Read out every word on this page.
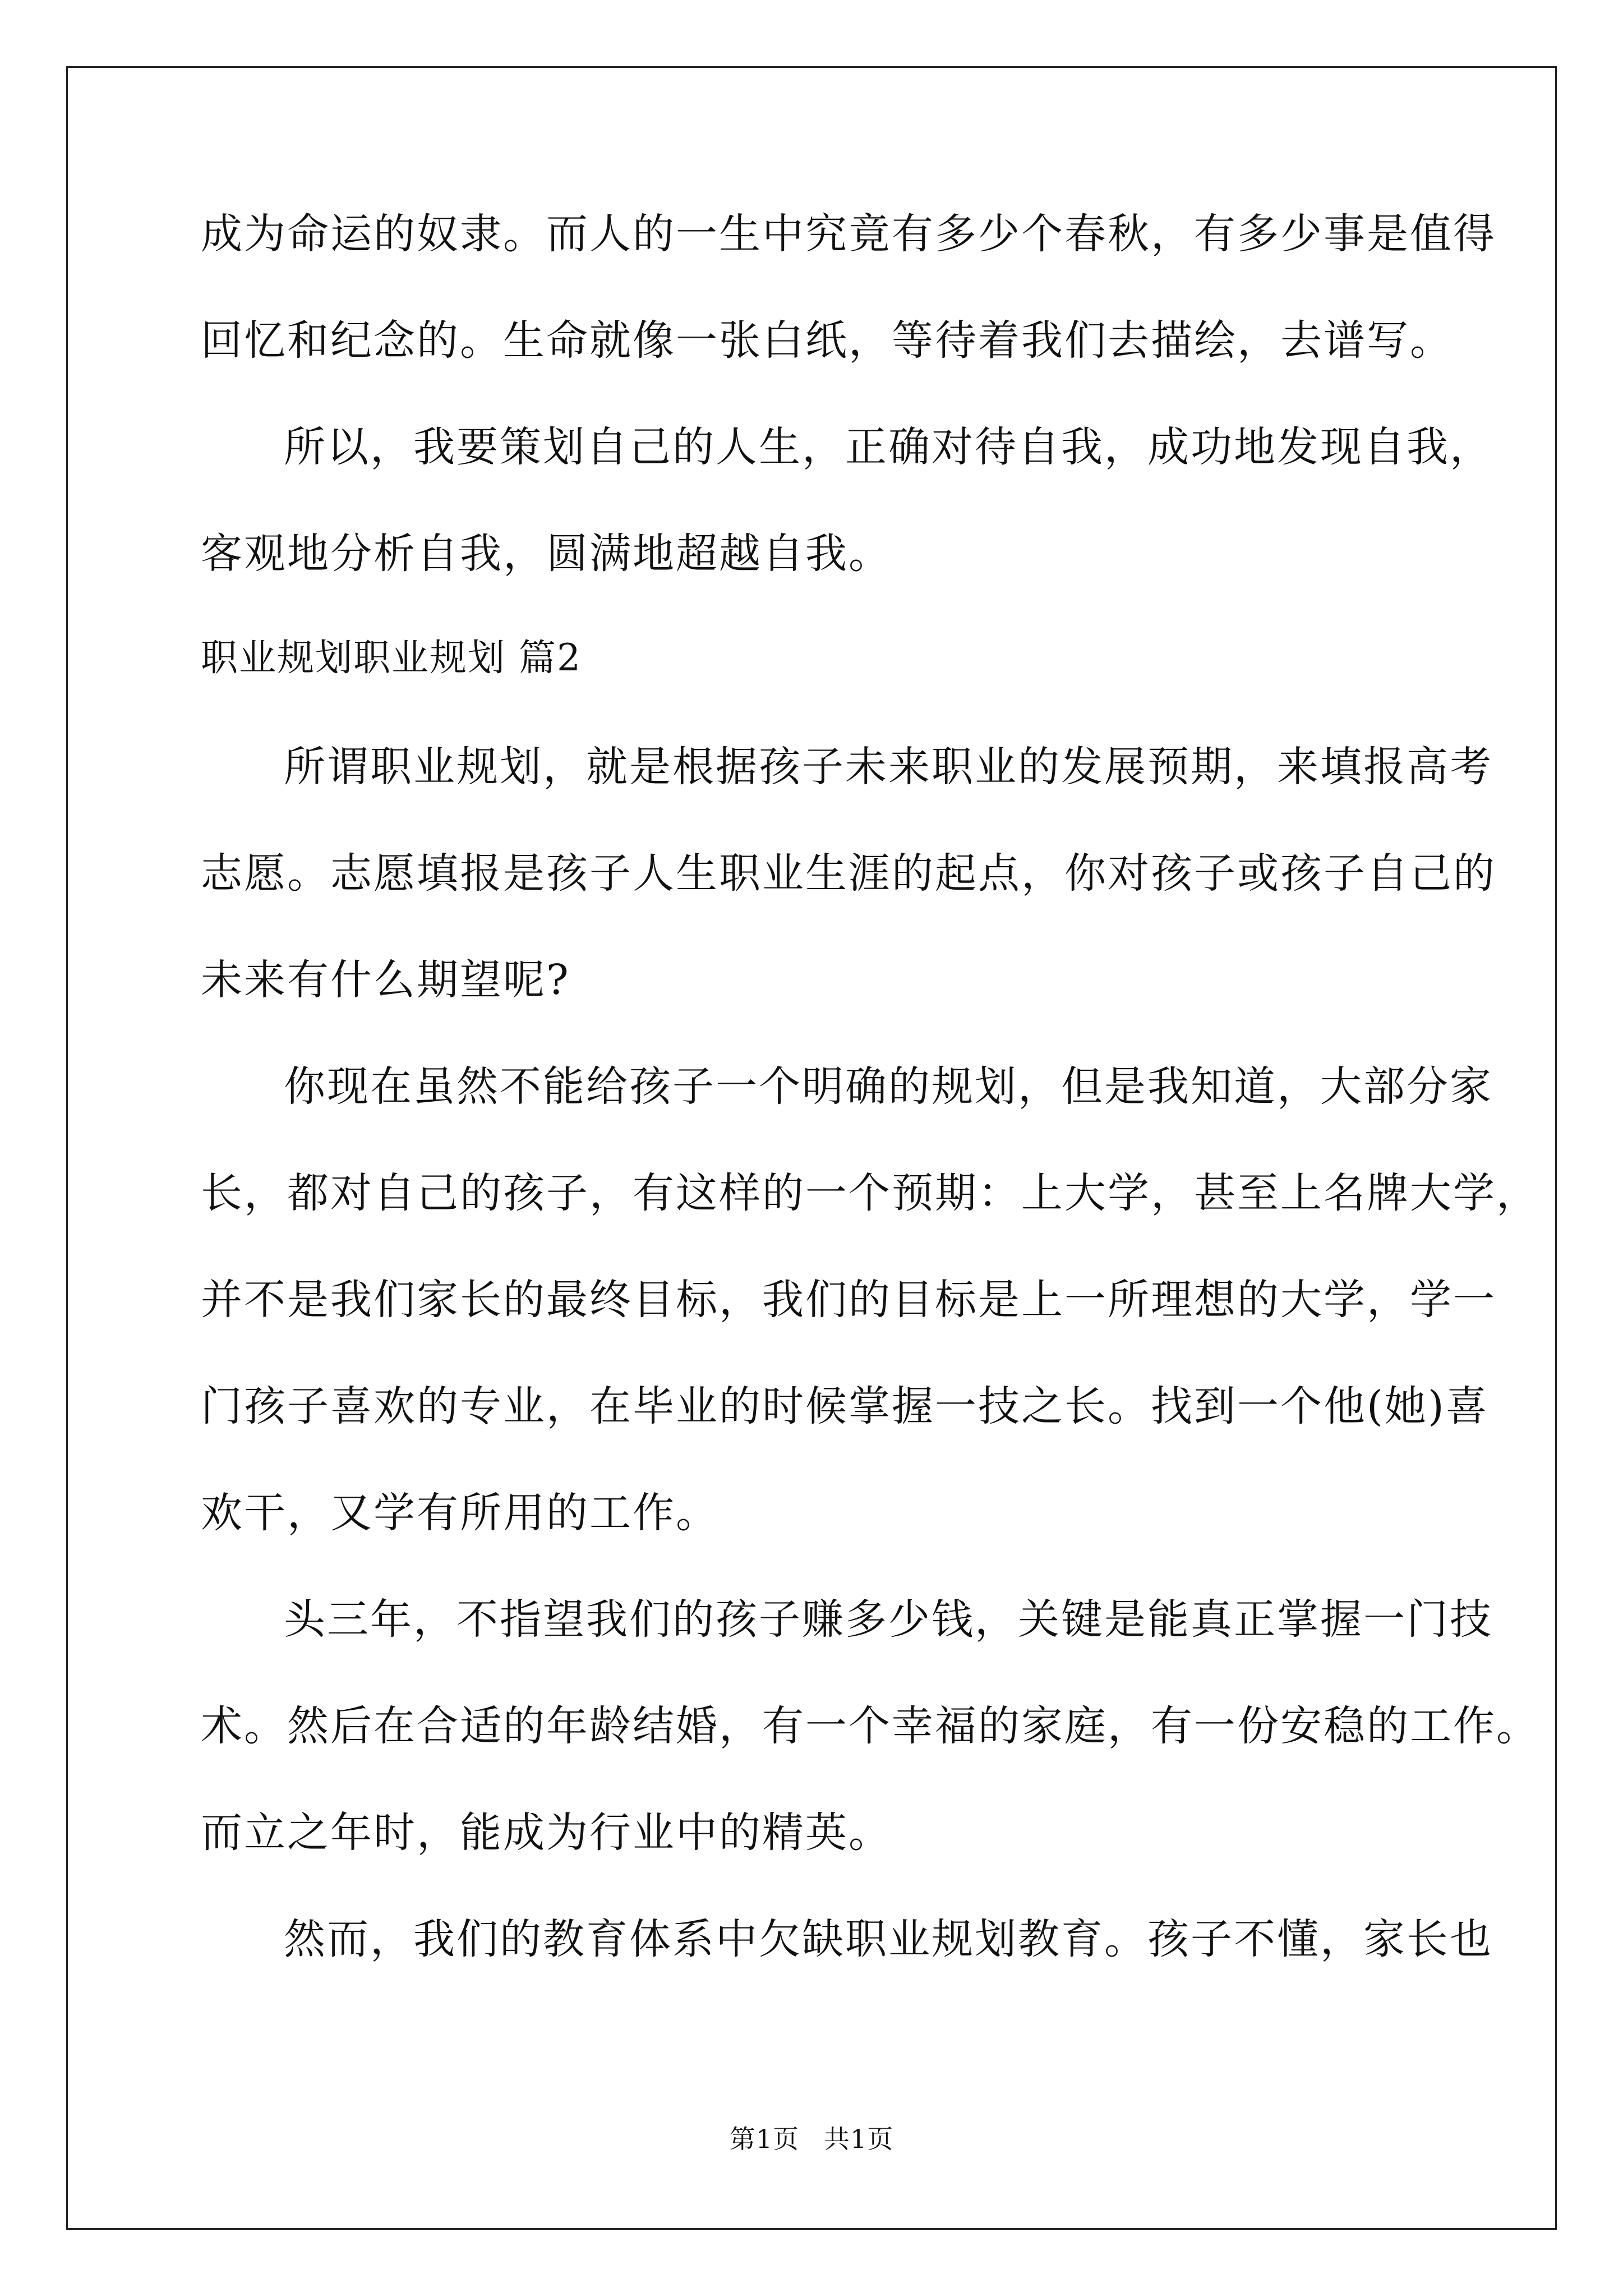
成为命运的奴隶。而人的一生中究竟有多少个春秋，有多少事是值得
回忆和纪念的。生命就像一张白纸，等待着我们去描绘，去谱写。
所以，我要策划自己的人生，正确对待自我，成功地发现自我，
客观地分析自我，圆满地超越自我。
职业规划职业规划 篇2
所谓职业规划，就是根据孩子未来职业的发展预期，来填报高考
志愿。志愿填报是孩子人生职业生涯的起点，你对孩子或孩子自己的
未来有什么期望呢?
你现在虽然不能给孩子一个明确的规划，但是我知道，大部分家
长，都对自己的孩子，有这样的一个预期：上大学，甚至上名牌大学，
并不是我们家长的最终目标，我们的目标是上一所理想的大学，学一
门孩子喜欢的专业，在毕业的时候掌握一技之长。找到一个他(她)喜
欢干，又学有所用的工作。
头三年，不指望我们的孩子赚多少钱，关键是能真正掌握一门技
术。然后在合适的年龄结婚，有一个幸福的家庭，有一份安稳的工作。
而立之年时，能成为行业中的精英。
然而，我们的教育体系中欠缺职业规划教育。孩子不懂，家长也
第1页 共1页
